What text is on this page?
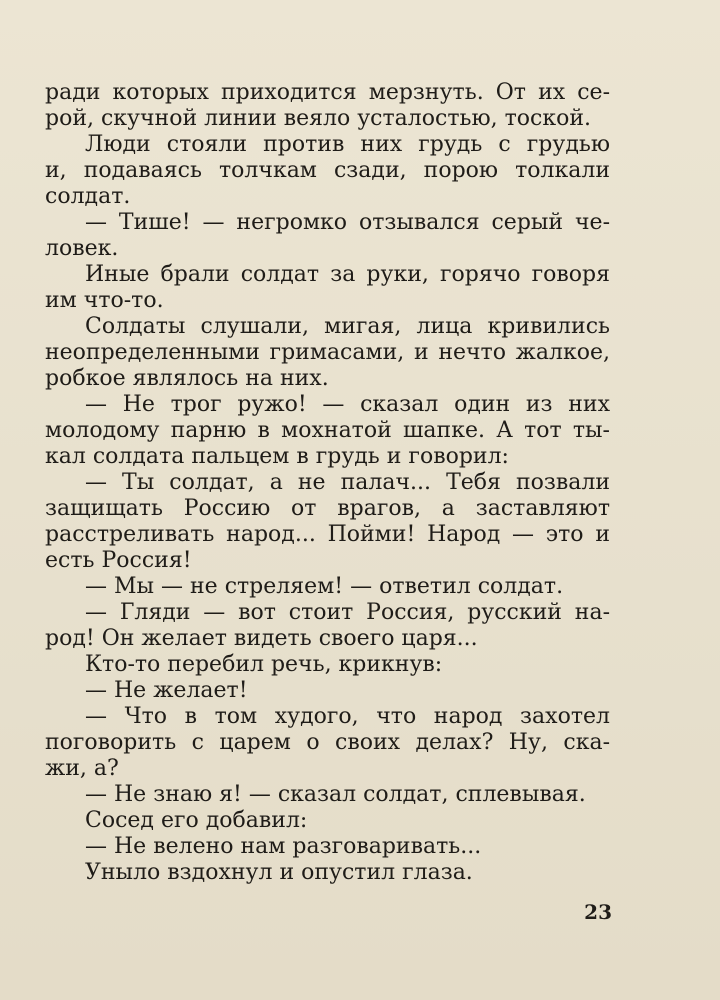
ради которых приходится мерзнуть. От их се-
рой, скучной линии веяло усталостью, тоской.
Люди стояли против них грудь с грудью
и, подаваясь толчкам сзади, порою толкали
солдат.
— Тише! — негромко отзывался серый че-
ловек.
Иные брали солдат за руки, горячо говоря
им что-то.
Солдаты слушали, мигая, лица кривились
неопределенными гримасами, и нечто жалкое,
робкое являлось на них.
— Не трог ружо! — сказал один из них
молодому парню в мохнатой шапке. А тот ты-
кал солдата пальцем в грудь и говорил:
— Ты солдат, а не палач... Тебя позвали
защищать Россию от врагов, а заставляют
расстреливать народ... Пойми! Народ — это и
есть Россия!
— Мы — не стреляем! — ответил солдат.
— Гляди — вот стоит Россия, русский на-
род! Он желает видеть своего царя...
Кто-то перебил речь, крикнув:
— Не желает!
— Что в том худого, что народ захотел
поговорить с царем о своих делах? Ну, ска-
жи, а?
— Не знаю я! — сказал солдат, сплевывая.
Сосед его добавил:
— Не велено нам разговаривать...
Уныло вздохнул и опустил глаза.
23
